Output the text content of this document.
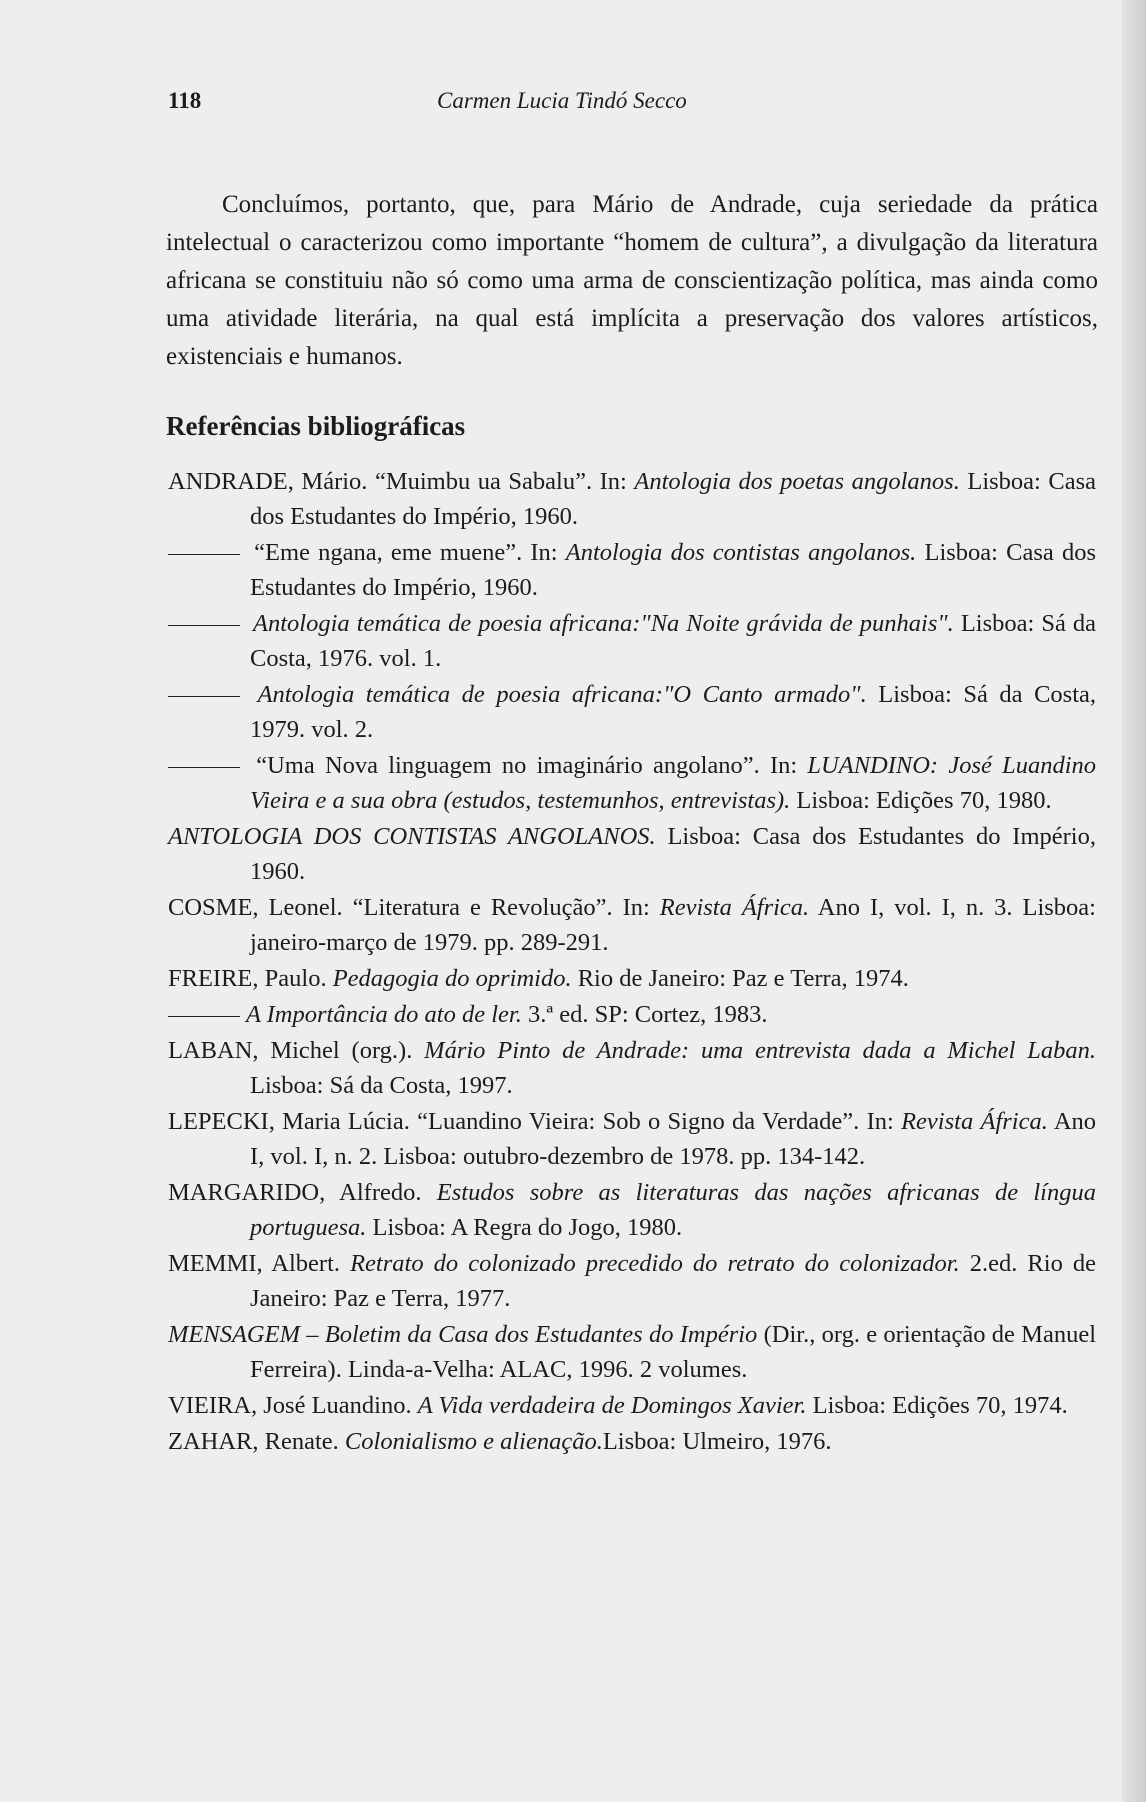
118	Carmen Lucia Tindó Secco

Concluímos, portanto, que, para Mário de Andrade, cuja seriedade da prática intelectual o caracterizou como importante “homem de cultura”, a divulgação da literatura africana se constituiu não só como uma arma de conscientização política, mas ainda como uma atividade literária, na qual está implícita a preservação dos valores artísticos, existenciais e humanos.

Referências bibliográficas
ANDRADE, Mário. “Muimbu ua Sabalu”. In: Antologia dos poetas angolanos. Lisboa: Casa dos Estudantes do Império, 1960.
“Eme ngana, eme muene”. In: Antologia dos contistas angolanos. Lisboa: Casa dos Estudantes do Império, 1960.
Antologia temática de poesia africana:"Na Noite grávida de punhais". Lisboa: Sá da Costa, 1976. vol. 1.
Antologia temática de poesia africana:"O Canto armado". Lisboa: Sá da Costa, 1979. vol. 2.
“Uma Nova linguagem no imaginário angolano”. In: LUANDINO: José Luandino Vieira e a sua obra (estudos, testemunhos, entrevistas). Lisboa: Edições 70, 1980.
ANTOLOGIA DOS CONTISTAS ANGOLANOS. Lisboa: Casa dos Estudantes do Império, 1960.
COSME, Leonel. “Literatura e Revolução”. In: Revista África. Ano I, vol. I, n. 3. Lisboa: janeiro-março de 1979. pp. 289-291.
FREIRE, Paulo. Pedagogia do oprimido. Rio de Janeiro: Paz e Terra, 1974.
A Importância do ato de ler. 3.ª ed. SP: Cortez, 1983.
LABAN, Michel (org.). Mário Pinto de Andrade: uma entrevista dada a Michel Laban. Lisboa: Sá da Costa, 1997.
LEPECKI, Maria Lúcia. “Luandino Vieira: Sob o Signo da Verdade”. In: Revista África. Ano I, vol. I, n. 2. Lisboa: outubro-dezembro de 1978. pp. 134-142.
MARGARIDO, Alfredo. Estudos sobre as literaturas das nações africanas de língua portuguesa. Lisboa: A Regra do Jogo, 1980.
MEMMI, Albert. Retrato do colonizado precedido do retrato do colonizador. 2.ed. Rio de Janeiro: Paz e Terra, 1977.
MENSAGEM – Boletim da Casa dos Estudantes do Império (Dir., org. e orientação de Manuel Ferreira). Linda-a-Velha: ALAC, 1996. 2 volumes.
VIEIRA, José Luandino. A Vida verdadeira de Domingos Xavier. Lisboa: Edições 70, 1974.
ZAHAR, Renate. Colonialismo e alienação.Lisboa: Ulmeiro, 1976.
